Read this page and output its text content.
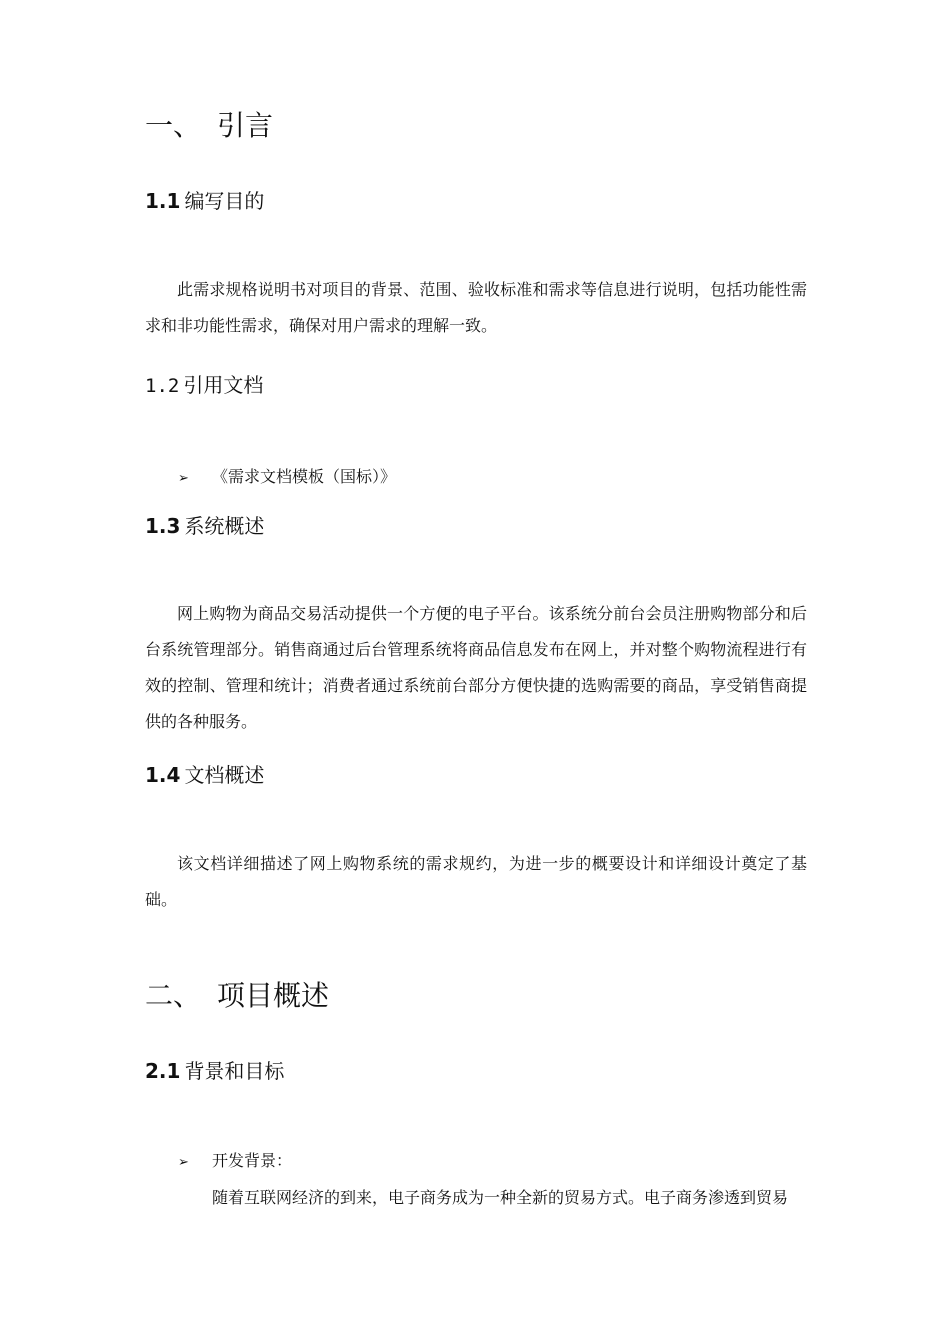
一、 引言
1.1 编写目的
此需求规格说明书对项目的背景、范围、验收标准和需求等信息进行说明，包括功能性需求和非功能性需求，确保对用户需求的理解一致。
1.2 引用文档
➢ 《需求文档模板（国标）》
1.3 系统概述
网上购物为商品交易活动提供一个方便的电子平台。该系统分前台会员注册购物部分和后台系统管理部分。销售商通过后台管理系统将商品信息发布在网上，并对整个购物流程进行有效的控制、管理和统计；消费者通过系统前台部分方便快捷的选购需要的商品，享受销售商提供的各种服务。
1.4 文档概述
该文档详细描述了网上购物系统的需求规约，为进一步的概要设计和详细设计奠定了基础。
二、 项目概述
2.1 背景和目标
➢ 开发背景：
随着互联网经济的到来，电子商务成为一种全新的贸易方式。电子商务渗透到贸易
